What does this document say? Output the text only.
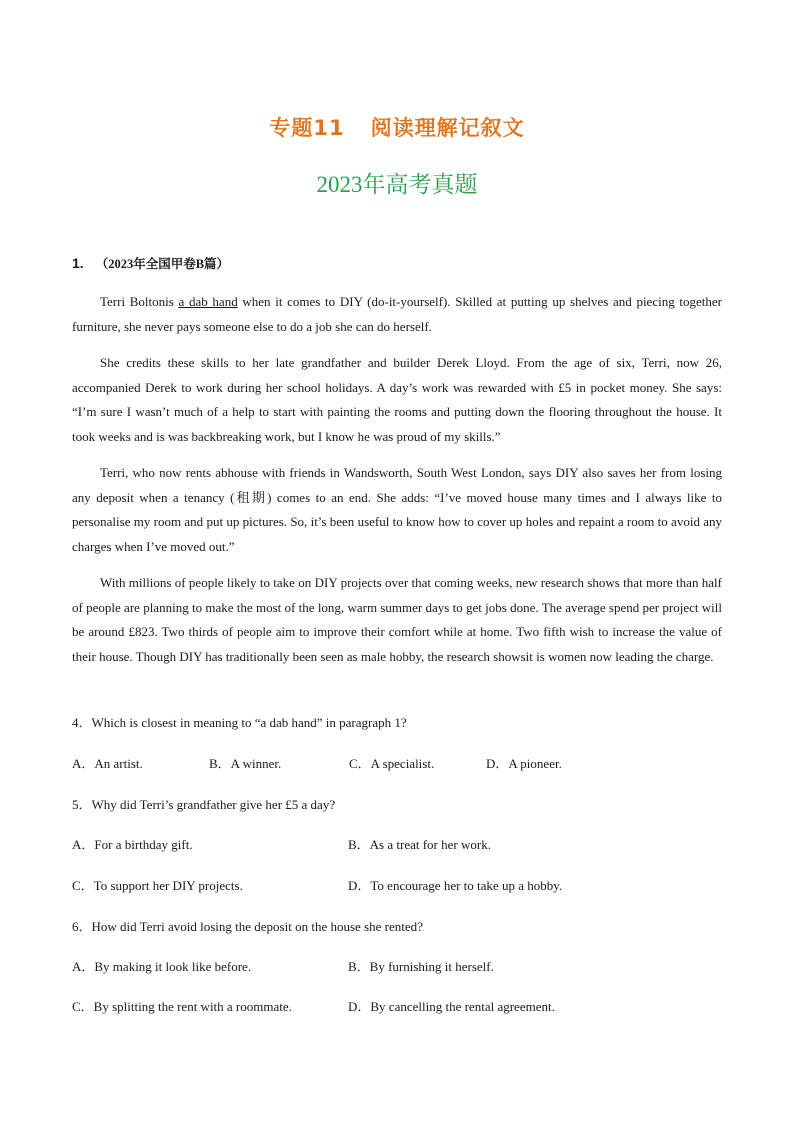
专题11 阅读理解记叙文
2023年高考真题
1. （2023年全国甲卷B篇）

Terri Boltonis a dab hand when it comes to DIY (do-it-yourself). Skilled at putting up shelves and piecing together furniture, she never pays someone else to do a job she can do herself.

She credits these skills to her late grandfather and builder Derek Lloyd. From the age of six, Terri, now 26, accompanied Derek to work during her school holidays. A day’s work was rewarded with £5 in pocket money. She says: “I’m sure I wasn’t much of a help to start with painting the rooms and putting down the flooring throughout the house. It took weeks and is was backbreaking work, but I know he was proud of my skills.”

Terri, who now rents abhouse with friends in Wandsworth, South West London, says DIY also saves her from losing any deposit when a tenancy (租期) comes to an end. She adds: “I’ve moved house many times and I always like to personalise my room and put up pictures. So, it’s been useful to know how to cover up holes and repaint a room to avoid any charges when I’ve moved out.”

With millions of people likely to take on DIY projects over that coming weeks, new research shows that more than half of people are planning to make the most of the long, warm summer days to get jobs done. The average spend per project will be around £823. Two thirds of people aim to improve their comfort while at home. Two fifth wish to increase the value of their house. Though DIY has traditionally been seen as male hobby, the research showsit is women now leading the charge.

4．Which is closest in meaning to “a dab hand” in paragraph 1?
A．An artist.	B．A winner.	C．A specialist.	D．A pioneer.
5．Why did Terri’s grandfather give her £5 a day?
A．For a birthday gift.	B．As a treat for her work.
C．To support her DIY projects.	D．To encourage her to take up a hobby.
6．How did Terri avoid losing the deposit on the house she rented?
A．By making it look like before.	B．By furnishing it herself.
C．By splitting the rent with a roommate.	D．By cancelling the rental agreement.
